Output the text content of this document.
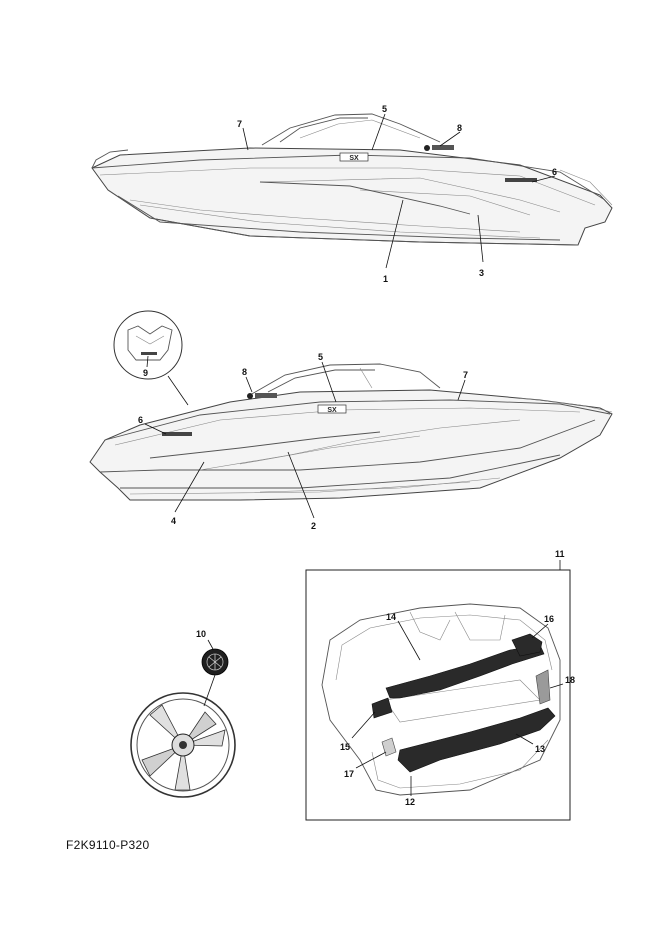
SX
SX
7
5
8
6
1
3
8
5
7
6
4	2
9
10
11
14	16
18
15	13
17
12
F2K9110-P320
